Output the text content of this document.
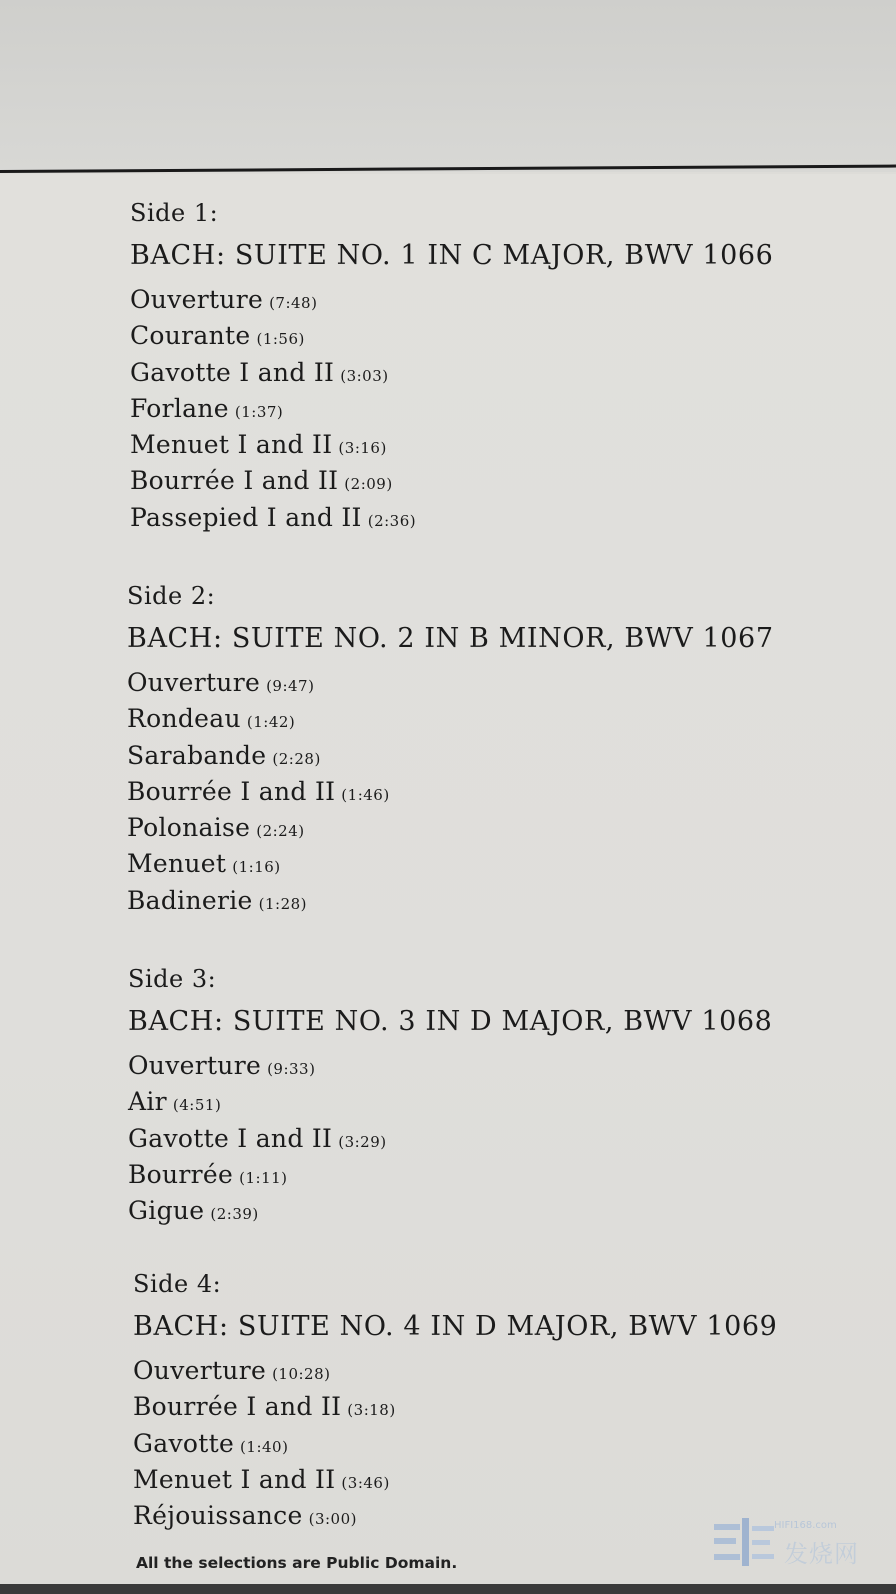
Side 1:
BACH: SUITE NO. 1 IN C MAJOR, BWV 1066
Ouverture (7:48)
Courante (1:56)
Gavotte I and II (3:03)
Forlane (1:37)
Menuet I and II (3:16)
Bourrée I and II (2:09)
Passepied I and II (2:36)
Side 2:
BACH: SUITE NO. 2 IN B MINOR, BWV 1067
Ouverture (9:47)
Rondeau (1:42)
Sarabande (2:28)
Bourrée I and II (1:46)
Polonaise (2:24)
Menuet (1:16)
Badinerie (1:28)
Side 3:
BACH: SUITE NO. 3 IN D MAJOR, BWV 1068
Ouverture (9:33)
Air (4:51)
Gavotte I and II (3:29)
Bourrée (1:11)
Gigue (2:39)
Side 4:
BACH: SUITE NO. 4 IN D MAJOR, BWV 1069
Ouverture (10:28)
Bourrée I and II (3:18)
Gavotte (1:40)
Menuet I and II (3:46)
Réjouissance (3:00)
All the selections are Public Domain.
HIFI168.com
发烧网
